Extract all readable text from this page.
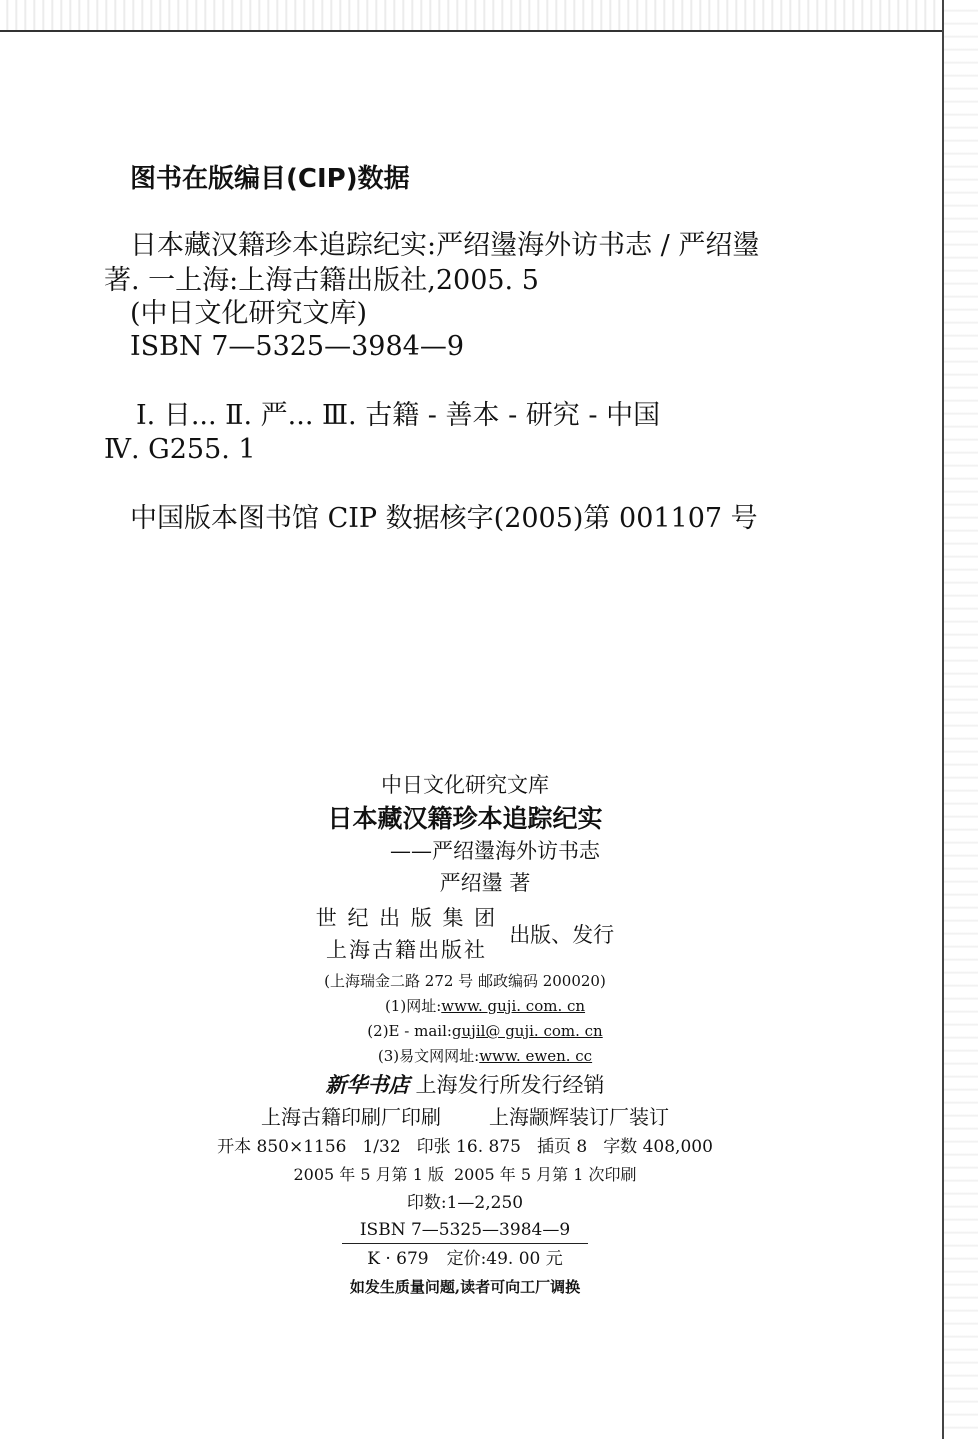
图书在版编目(CIP)数据
日本藏汉籍珍本追踪纪实:严绍璗海外访书志 / 严绍璗
著. 一上海:上海古籍出版社,2005. 5
(中日文化研究文库)
ISBN 7—5325—3984—9
Ⅰ. 日... Ⅱ. 严... Ⅲ. 古籍 - 善本 - 研究 - 中国
Ⅳ. G255. 1
中国版本图书馆 CIP 数据核字(2005)第 001107 号
中日文化研究文库
日本藏汉籍珍本追踪纪实
——严绍璗海外访书志
严绍璗 著
世 纪 出 版 集 团
上海古籍出版社
出版、发行
(上海瑞金二路 272 号 邮政编码 200020)
(1)网址:www. guji. com. cn
(2)E - mail:gujil@ guji. com. cn
(3)易文网网址:www. ewen. cc
新华书店 上海发行所发行经销
上海古籍印刷厂印刷 上海颛辉装订厂装订
开本 850×1156 1/32 印张 16. 875 插页 8 字数 408,000
2005 年 5 月第 1 版 2005 年 5 月第 1 次印刷
印数:1—2,250
ISBN 7—5325—3984—9
K · 679 定价:49. 00 元
如发生质量问题,读者可向工厂调换
